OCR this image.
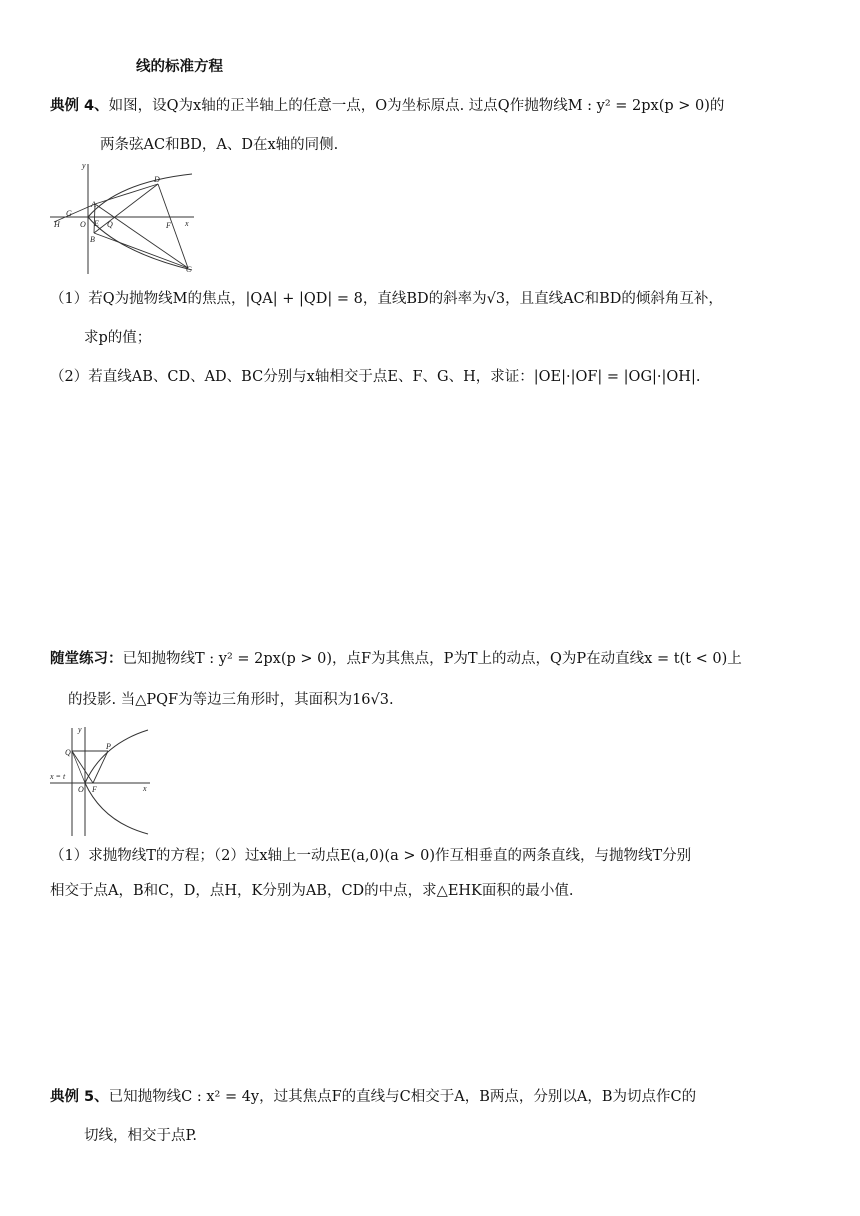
线的标准方程
典例 4、如图，设Q为x轴的正半轴上的任意一点，O为坐标原点. 过点Q作抛物线M : y² = 2px(p > 0)的
两条弦AC和BD，A、D在x轴的同侧.
y
D
A
G
H	O E Q
B
F x
C
（1）若Q为抛物线M的焦点，|QA| + |QD| = 8，直线BD的斜率为√3，且直线AC和BD的倾斜角互补，
求p的值；
（2）若直线AB、CD、AD、BC分别与x轴相交于点E、F、G、H，求证：|OE|·|OF| = |OG|·|OH|.
随堂练习：已知抛物线T : y² = 2px(p > 0)，点F为其焦点，P为T上的动点，Q为P在动直线x = t(t < 0)上
的投影. 当△PQF为等边三角形时，其面积为16√3.
y
Q
P
x = t
O F	x
（1）求抛物线T的方程；（2）过x轴上一动点E(a,0)(a > 0)作互相垂直的两条直线，与抛物线T分别
相交于点A，B和C，D，点H，K分别为AB，CD的中点，求△EHK面积的最小值.
典例 5、已知抛物线C : x² = 4y，过其焦点F的直线与C相交于A，B两点，分别以A，B为切点作C的
切线，相交于点P.
